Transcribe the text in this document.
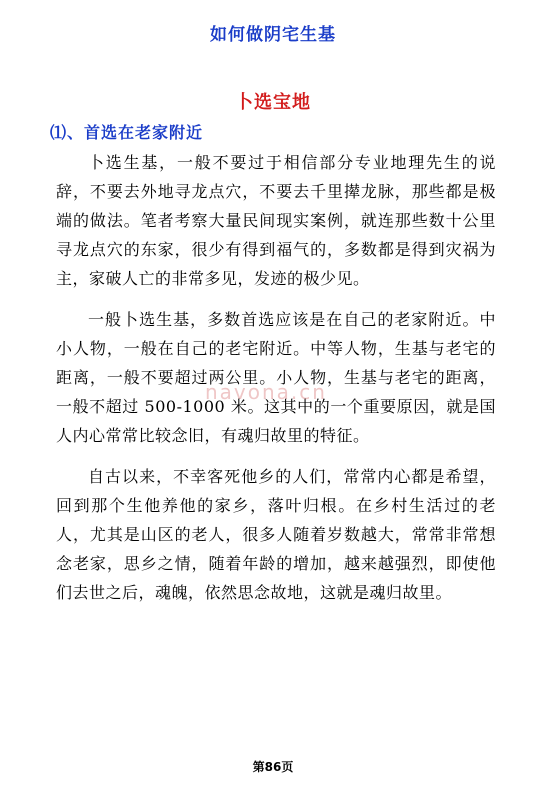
如何做阴宅生基
卜选宝地
⑴、首选在老家附近

卜选生基，一般不要过于相信部分专业地理先生的说辞，不要去外地寻龙点穴，不要去千里撵龙脉，那些都是极端的做法。笔者考察大量民间现实案例，就连那些数十公里寻龙点穴的东家，很少有得到福气的，多数都是得到灾祸为主，家破人亡的非常多见，发迹的极少见。

一般卜选生基，多数首选应该是在自己的老家附近。中小人物，一般在自己的老宅附近。中等人物，生基与老宅的距离，一般不要超过两公里。小人物，生基与老宅的距离，一般不超过 500-1000 米。这其中的一个重要原因，就是国人内心常常比较念旧，有魂归故里的特征。

自古以来，不幸客死他乡的人们，常常内心都是希望，回到那个生他养他的家乡，落叶归根。在乡村生活过的老人，尤其是山区的老人，很多人随着岁数越大，常常非常想念老家，思乡之情，随着年龄的增加，越来越强烈，即使他们去世之后，魂魄，依然思念故地，这就是魂归故里。

navona.cn
第86页
